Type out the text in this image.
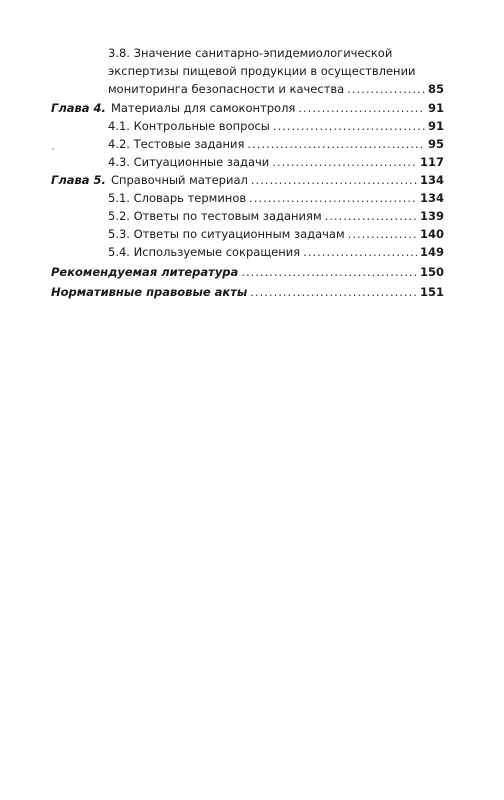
3.8. Значение санитарно-эпидемиологической
экспертизы пищевой продукции в осуществлении
мониторинга безопасности и качества .....	85
Глава 4. Материалы для самоконтроля .....	91
4.1. Контрольные вопросы .....	91
4.2. Тестовые задания .....	95
`
4.3. Ситуационные задачи .....	117
Глава 5. Справочный материал .....	134
5.1. Словарь терминов .....	134
5.2. Ответы по тестовым заданиям .....	139
5.3. Ответы по ситуационным задачам .....	140
5.4. Используемые сокращения .....	149
Рекомендуемая литература .....	150
Нормативные правовые акты .....	151
